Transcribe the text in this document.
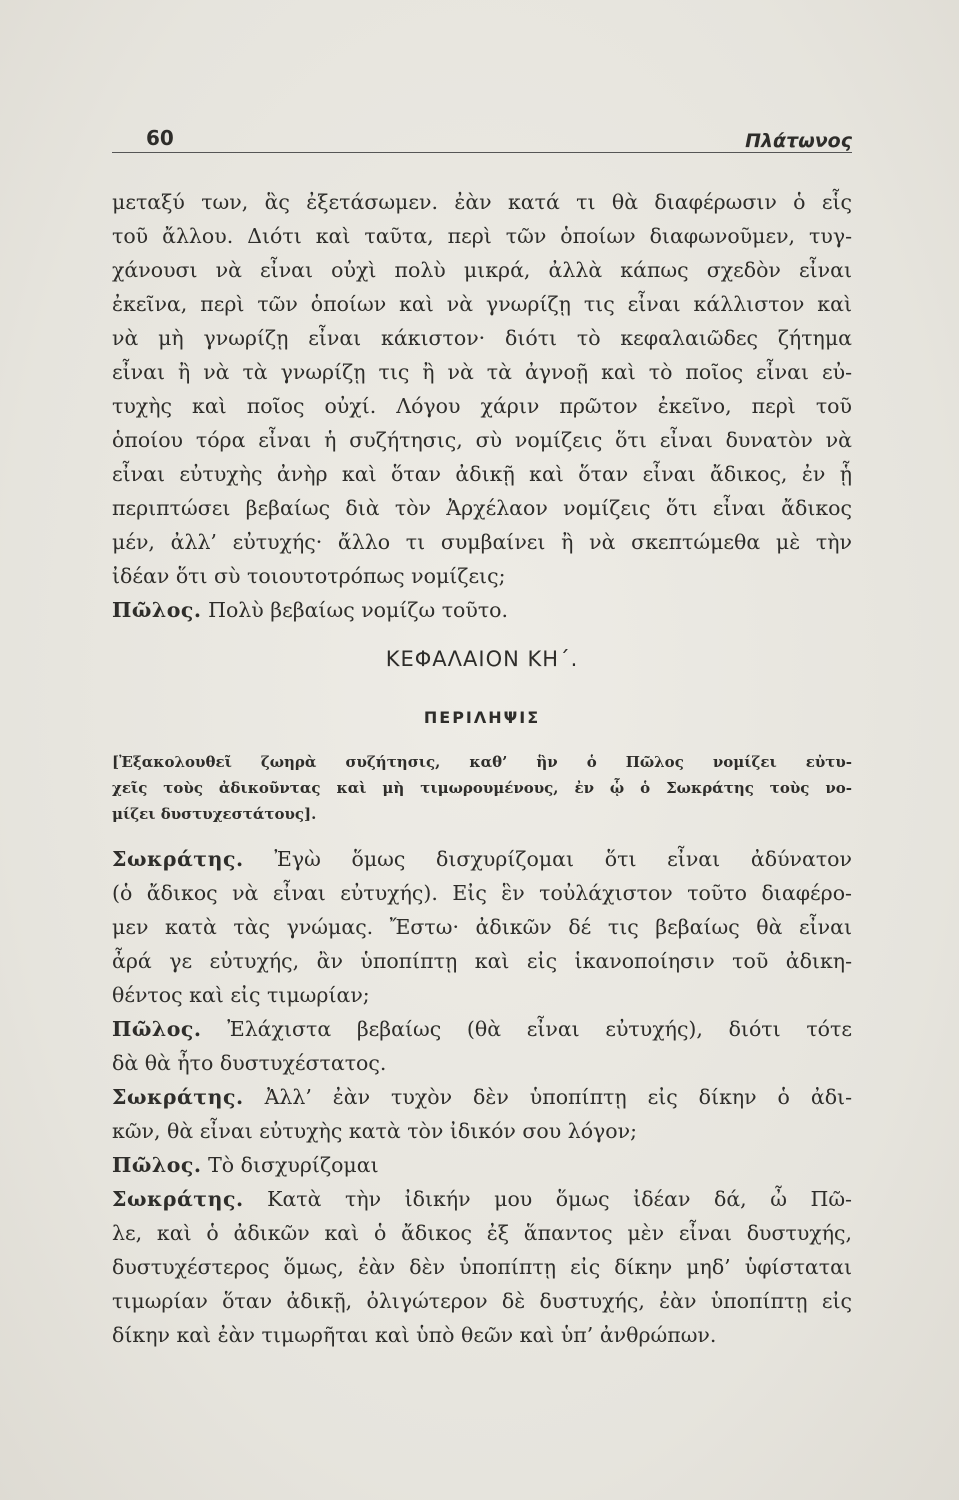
60	Πλάτωνος
μεταξύ των, ἃς ἐξετάσωμεν. ἐὰν κατά τι θὰ διαφέρωσιν ὁ εἷς
τοῦ ἄλλου. Διότι καὶ ταῦτα, περὶ τῶν ὁποίων διαφωνοῦμεν, τυγ-
χάνουσι νὰ εἶναι οὐχὶ πολὺ μικρά, ἀλλὰ κάπως σχεδὸν εἶναι
ἐκεῖνα, περὶ τῶν ὁποίων καὶ νὰ γνωρίζῃ τις εἶναι κάλλιστον καὶ
νὰ μὴ γνωρίζῃ εἶναι κάκιστον· διότι τὸ κεφαλαιῶδες ζήτημα
εἶναι ἢ νὰ τὰ γνωρίζῃ τις ἢ νὰ τὰ ἀγνοῇ καὶ τὸ ποῖος εἶναι εὐ-
τυχὴς καὶ ποῖος οὐχί. Λόγου χάριν πρῶτον ἐκεῖνο, περὶ τοῦ
ὁποίου τόρα εἶναι ἡ συζήτησις, σὺ νομίζεις ὅτι εἶναι δυνατὸν νὰ
εἶναι εὐτυχὴς ἀνὴρ καὶ ὅταν ἀδικῇ καὶ ὅταν εἶναι ἄδικος, ἐν ᾗ
περιπτώσει βεβαίως διὰ τὸν Ἀρχέλαον νομίζεις ὅτι εἶναι ἄδικος
μέν, ἀλλ’ εὐτυχής· ἄλλο τι συμβαίνει ἢ νὰ σκεπτώμεθα μὲ τὴν
ἰδέαν ὅτι σὺ τοιουτοτρόπως νομίζεις;
Πῶλος. Πολὺ βεβαίως νομίζω τοῦτο.
ΚΕΦΑΛΑΙΟΝ ΚΗ΄.
ΠΕΡΙΛΗΨΙΣ
[Ἐξακολουθεῖ ζωηρὰ συζήτησις, καθ’ ἣν ὁ Πῶλος νομίζει εὐτυ-
χεῖς τοὺς ἀδικοῦντας καὶ μὴ τιμωρουμένους, ἐν ᾧ ὁ Σωκράτης τοὺς νο-
μίζει δυστυχεστάτους].
Σωκράτης. Ἐγὼ ὅμως δισχυρίζομαι ὅτι εἶναι ἀδύνατον
(ὁ ἄδικος νὰ εἶναι εὐτυχής). Εἰς ἓν τοὐλάχιστον τοῦτο διαφέρο-
μεν κατὰ τὰς γνώμας. Ἔστω· ἀδικῶν δέ τις βεβαίως θὰ εἶναι
ἆρά γε εὐτυχής, ἂν ὑποπίπτῃ καὶ εἰς ἱκανοποίησιν τοῦ ἀδικη-
θέντος καὶ εἰς τιμωρίαν;
Πῶλος. Ἐλάχιστα βεβαίως (θὰ εἶναι εὐτυχής), διότι τότε
δὰ θὰ ἦτο δυστυχέστατος.
Σωκράτης. Ἀλλ’ ἐὰν τυχὸν δὲν ὑποπίπτῃ εἰς δίκην ὁ ἀδι-
κῶν, θὰ εἶναι εὐτυχὴς κατὰ τὸν ἰδικόν σου λόγον;
Πῶλος. Τὸ δισχυρίζομαι
Σωκράτης. Κατὰ τὴν ἰδικήν μου ὅμως ἰδέαν δά, ὦ Πῶ-
λε, καὶ ὁ ἀδικῶν καὶ ὁ ἄδικος ἐξ ἅπαντος μὲν εἶναι δυστυχής,
δυστυχέστερος ὅμως, ἐὰν δὲν ὑποπίπτῃ εἰς δίκην μηδ’ ὑφίσταται
τιμωρίαν ὅταν ἀδικῇ, ὀλιγώτερον δὲ δυστυχής, ἐὰν ὑποπίπτῃ εἰς
δίκην καὶ ἐὰν τιμωρῆται καὶ ὑπὸ θεῶν καὶ ὑπ’ ἀνθρώπων.
